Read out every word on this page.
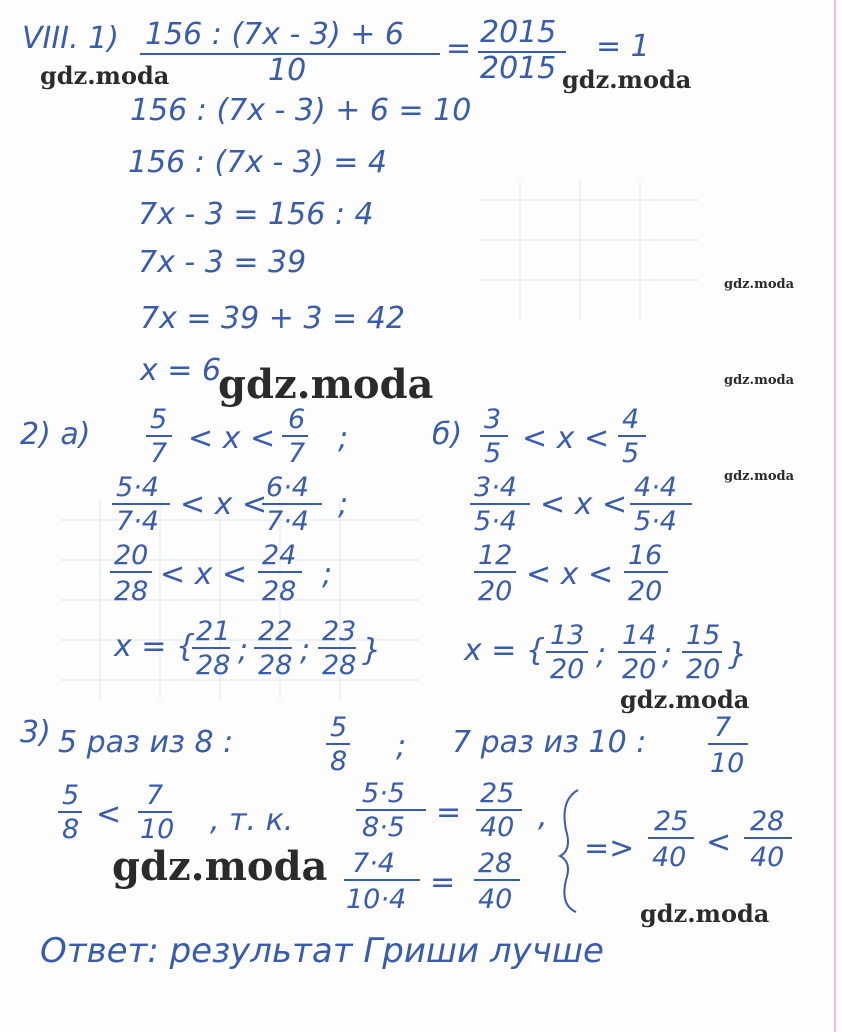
VIII. 1) 156 : (7x - 3) + 6
10
= 2015
2015
= 1
156 : (7x - 3) + 6 = 10
156 : (7x - 3) = 4
7x - 3 = 156 : 4
7x - 3 = 39
7x = 39 + 3 = 42
x = 6
2) а) 5
7 < x <
6
7 ;
5·4
7·4 < x <
6·4
7·4 ;
20
28 < x <
24
28 ;
x = { 21
28 ;
22
28 ;
23
28 }
б) 3
5 < x <
4
5
3·4
5·4 < x < 4·4
5·4
12
20 < x <
16
20
x = { 13
20 ;
14
20 ;
15
20 }
3) 5 раз из 8 :	5
8 ; 7 раз из 10 :	7
10
5
8 <
7
10 , т. к.
5·5
8·5 =
25
40 ,
7·4
10·4 =
28
40
=>
25
40 <
28
40
Ответ: результат Гриши лучше
gdz.moda	gdz.moda
gdz.moda
gdz.moda	gdz.moda
gdz.moda
gdz.moda
gdz.moda
gdz.moda
